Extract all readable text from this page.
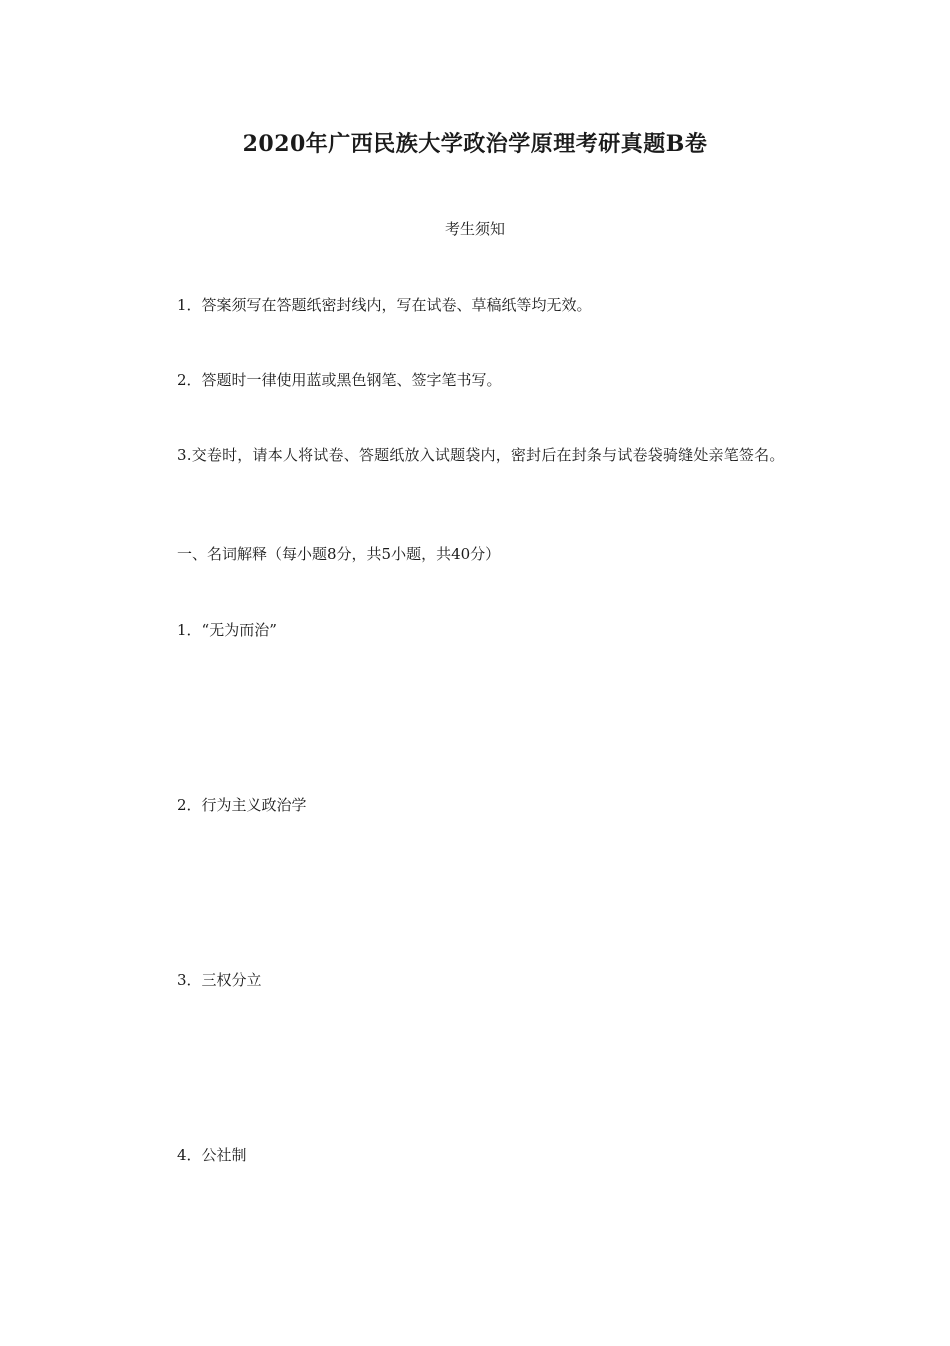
2020年广西民族大学政治学原理考研真题B卷
考生须知
1．答案须写在答题纸密封线内，写在试卷、草稿纸等均无效。
2．答题时一律使用蓝或黑色钢笔、签字笔书写。
3.交卷时，请本人将试卷、答题纸放入试题袋内，密封后在封条与试卷袋骑缝处亲笔签名。
一、名词解释（每小题8分，共5小题，共40分）
1．“无为而治”
2．行为主义政治学
3．三权分立
4．公社制
